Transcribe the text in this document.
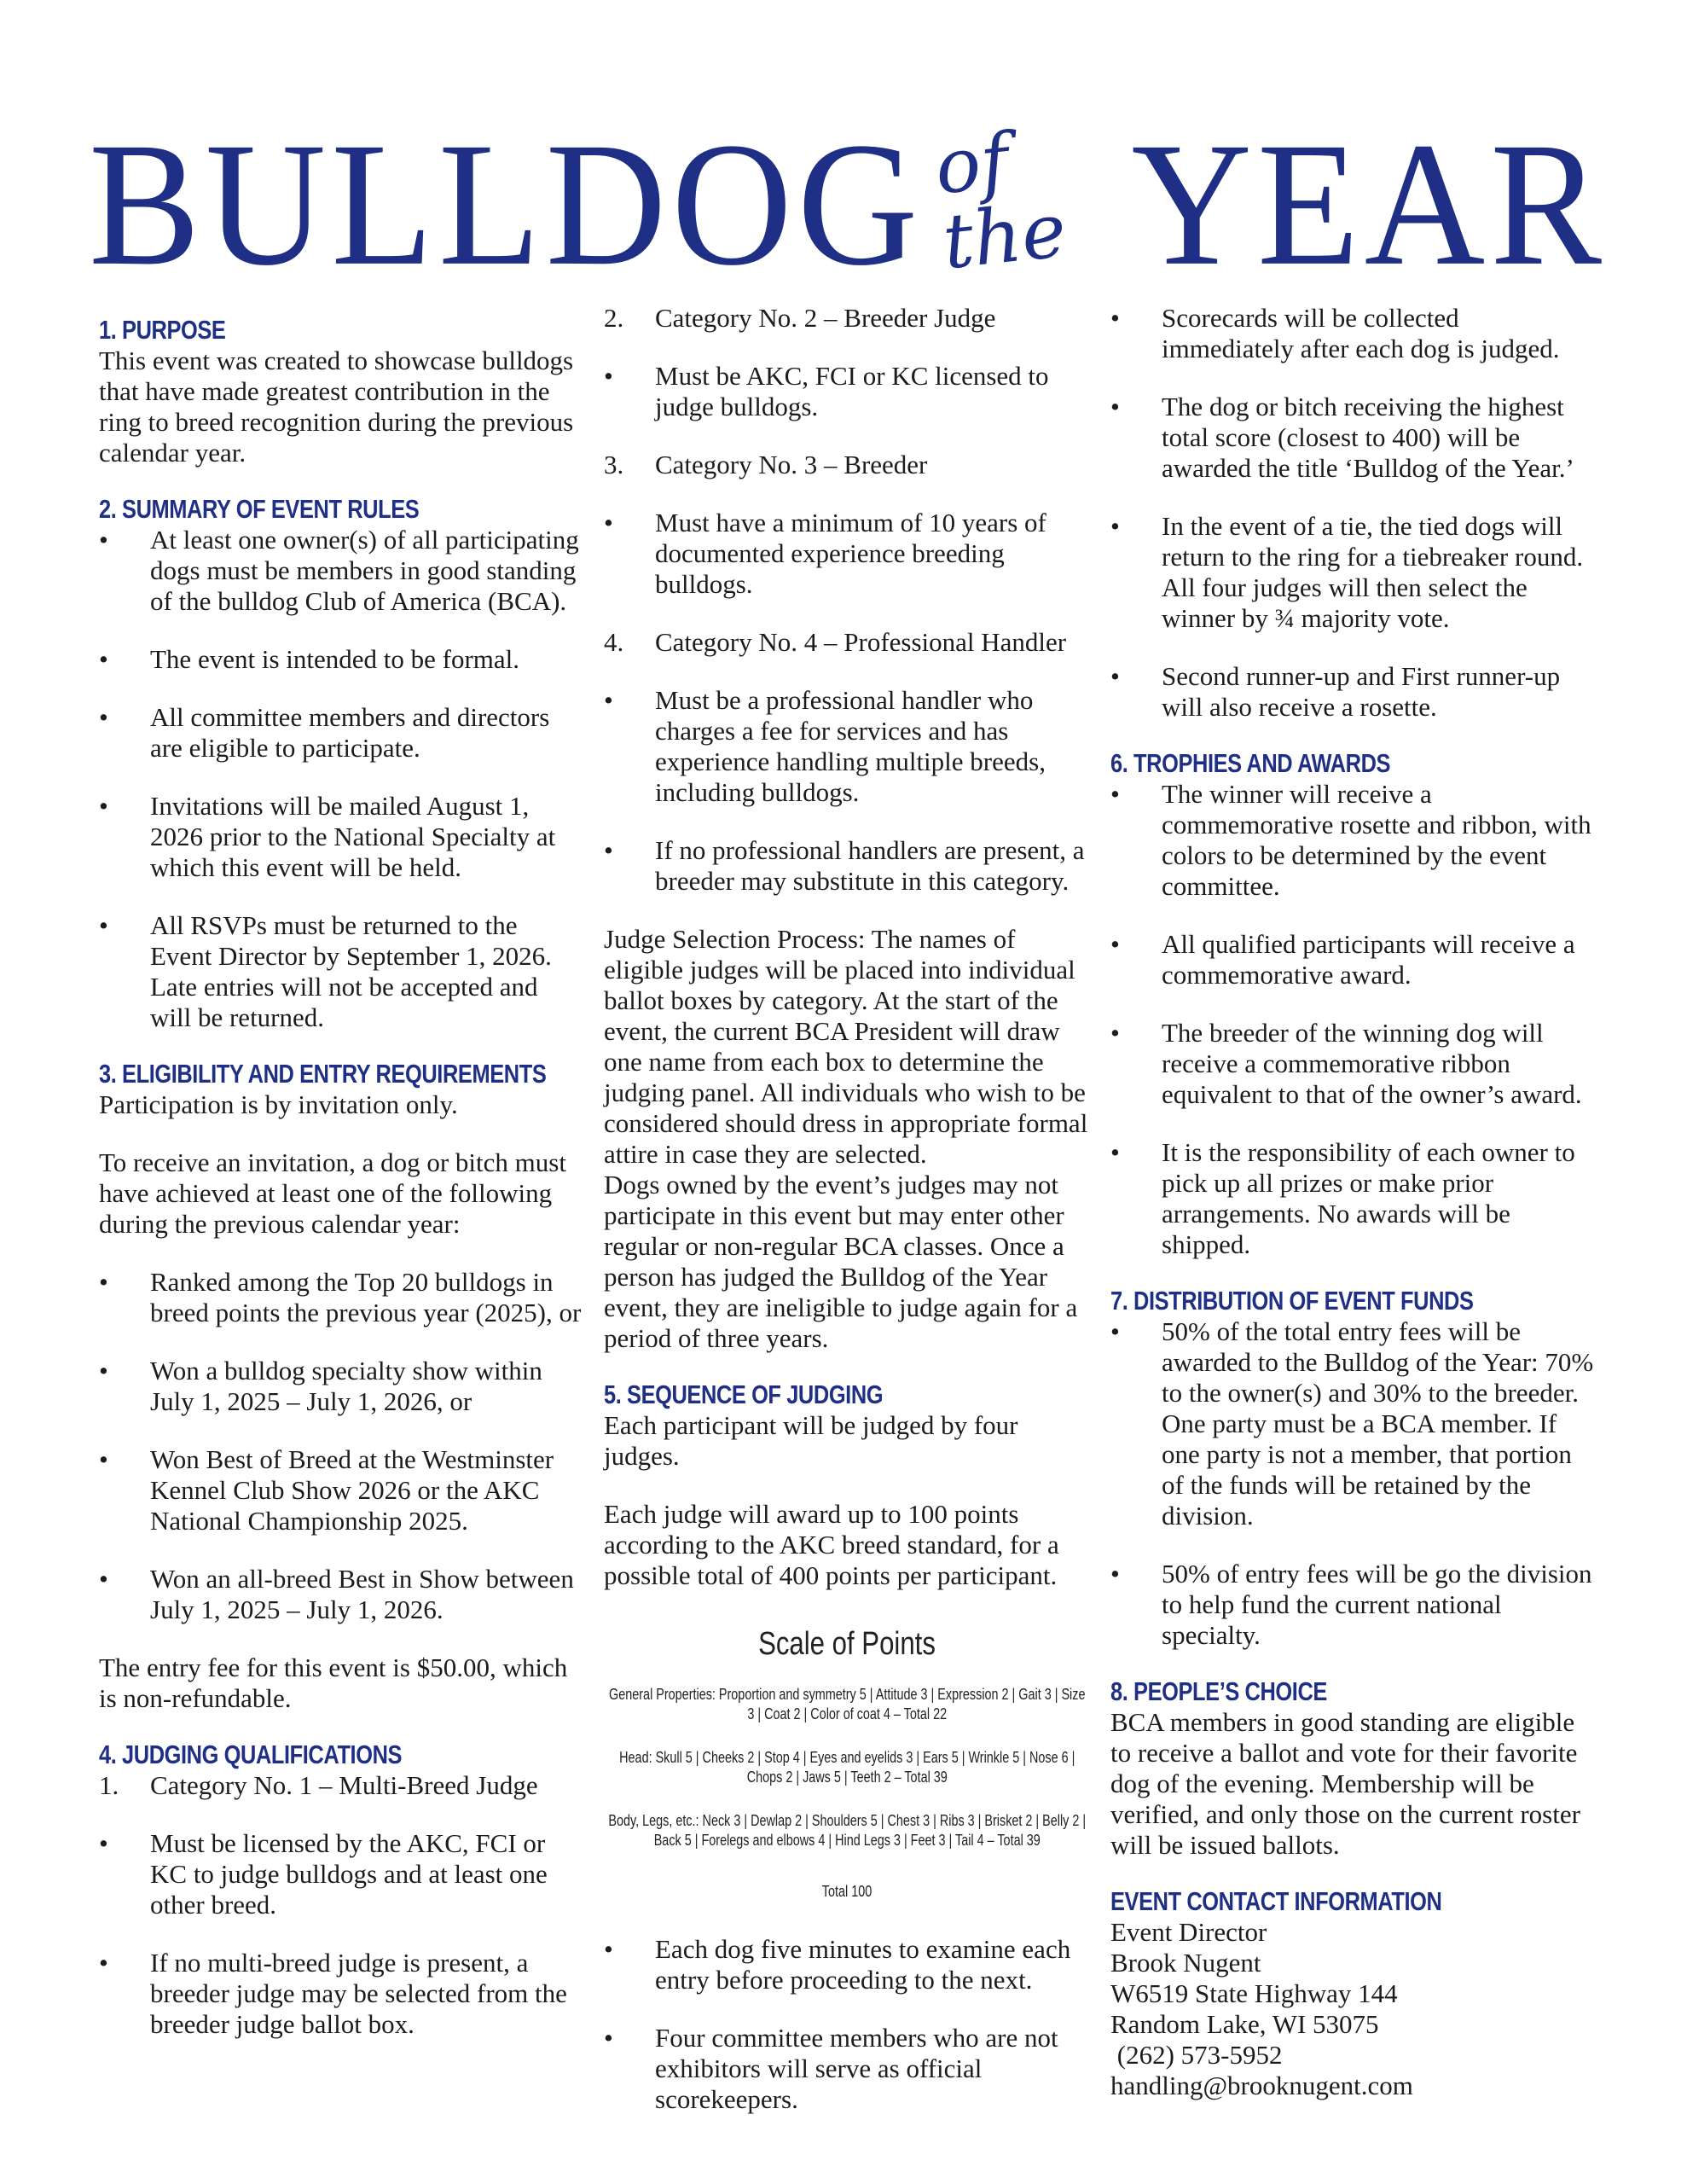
BULLDOG of the YEAR
1. PURPOSE

This event was created to showcase bulldogs that have made greatest contribution in the ring to breed recognition during the previous calendar year.

2. SUMMARY OF EVENT RULES
•	At least one owner(s) of all participating dogs must be members in good standing of the bulldog Club of America (BCA).
•	The event is intended to be formal.
•	All committee members and directors are eligible to participate.
•	Invitations will be mailed August 1, 2026 prior to the National Specialty at which this event will be held.
•	All RSVPs must be returned to the Event Director by September 1, 2026. Late entries will not be accepted and will be returned.
3. ELIGIBILITY AND ENTRY REQUIREMENTS

Participation is by invitation only.

To receive an invitation, a dog or bitch must have achieved at least one of the following during the previous calendar year:

•	Ranked among the Top 20 bulldogs in breed points the previous year (2025), or
•	Won a bulldog specialty show within July 1, 2025 – July 1, 2026, or
•	Won Best of Breed at the Westminster Kennel Club Show 2026 or the AKC National Championship 2025.
•	Won an all-breed Best in Show between July 1, 2025 – July 1, 2026.

The entry fee for this event is $50.00, which is non-refundable.

4. JUDGING QUALIFICATIONS
1.	Category No. 1 – Multi-Breed Judge
•	Must be licensed by the AKC, FCI or KC to judge bulldogs and at least one other breed.
•	If no multi-breed judge is present, a breeder judge may be selected from the breeder judge ballot box.
2.	Category No. 2 – Breeder Judge
•	Must be AKC, FCI or KC licensed to judge bulldogs.
3.	Category No. 3 – Breeder
•	Must have a minimum of 10 years of documented experience breeding bulldogs.
4.	Category No. 4 – Professional Handler
•	Must be a professional handler who charges a fee for services and has experience handling multiple breeds, including bulldogs.
•	If no professional handlers are present, a breeder may substitute in this category.

Judge Selection Process: The names of eligible judges will be placed into individual ballot boxes by category. At the start of the event, the current BCA President will draw one name from each box to determine the judging panel. All individuals who wish to be considered should dress in appropriate formal attire in case they are selected.

Dogs owned by the event’s judges may not participate in this event but may enter other regular or non-regular BCA classes. Once a person has judged the Bulldog of the Year event, they are ineligible to judge again for a period of three years.

5. SEQUENCE OF JUDGING

Each participant will be judged by four judges.

Each judge will award up to 100 points according to the AKC breed standard, for a possible total of 400 points per participant.

Scale of Points
General Properties: Proportion and symmetry 5 | Attitude 3 | Expression 2 | Gait 3 | Size 3 | Coat 2 | Color of coat 4 – Total 22
Head: Skull 5 | Cheeks 2 | Stop 4 | Eyes and eyelids 3 | Ears 5 | Wrinkle 5 | Nose 6 | Chops 2 | Jaws 5 | Teeth 2 – Total 39
Body, Legs, etc.: Neck 3 | Dewlap 2 | Shoulders 5 | Chest 3 | Ribs 3 | Brisket 2 | Belly 2 | Back 5 | Forelegs and elbows 4 | Hind Legs 3 | Feet 3 | Tail 4 – Total 39
Total 100
•	Each dog five minutes to examine each entry before proceeding to the next.
•	Four committee members who are not exhibitors will serve as official scorekeepers.
•	Scorecards will be collected immediately after each dog is judged.
•	The dog or bitch receiving the highest total score (closest to 400) will be awarded the title ‘Bulldog of the Year.’
•	In the event of a tie, the tied dogs will return to the ring for a tiebreaker round. All four judges will then select the winner by ¾ majority vote.
•	Second runner-up and First runner-up will also receive a rosette.
6. TROPHIES AND AWARDS
•	The winner will receive a commemorative rosette and ribbon, with colors to be determined by the event committee.
•	All qualified participants will receive a commemorative award.
•	The breeder of the winning dog will receive a commemorative ribbon equivalent to that of the owner’s award.
•	It is the responsibility of each owner to pick up all prizes or make prior arrangements. No awards will be shipped.
7. DISTRIBUTION OF EVENT FUNDS
•	50% of the total entry fees will be awarded to the Bulldog of the Year: 70% to the owner(s) and 30% to the breeder. One party must be a BCA member. If one party is not a member, that portion of the funds will be retained by the division.
•	50% of entry fees will be go the division to help fund the current national specialty.
8. PEOPLE’S CHOICE

BCA members in good standing are eligible to receive a ballot and vote for their favorite dog of the evening. Membership will be verified, and only those on the current roster will be issued ballots.

EVENT CONTACT INFORMATION

Event Director

Brook Nugent

W6519 State Highway 144

Random Lake, WI 53075

(262) 573-5952

handling@brooknugent.com
